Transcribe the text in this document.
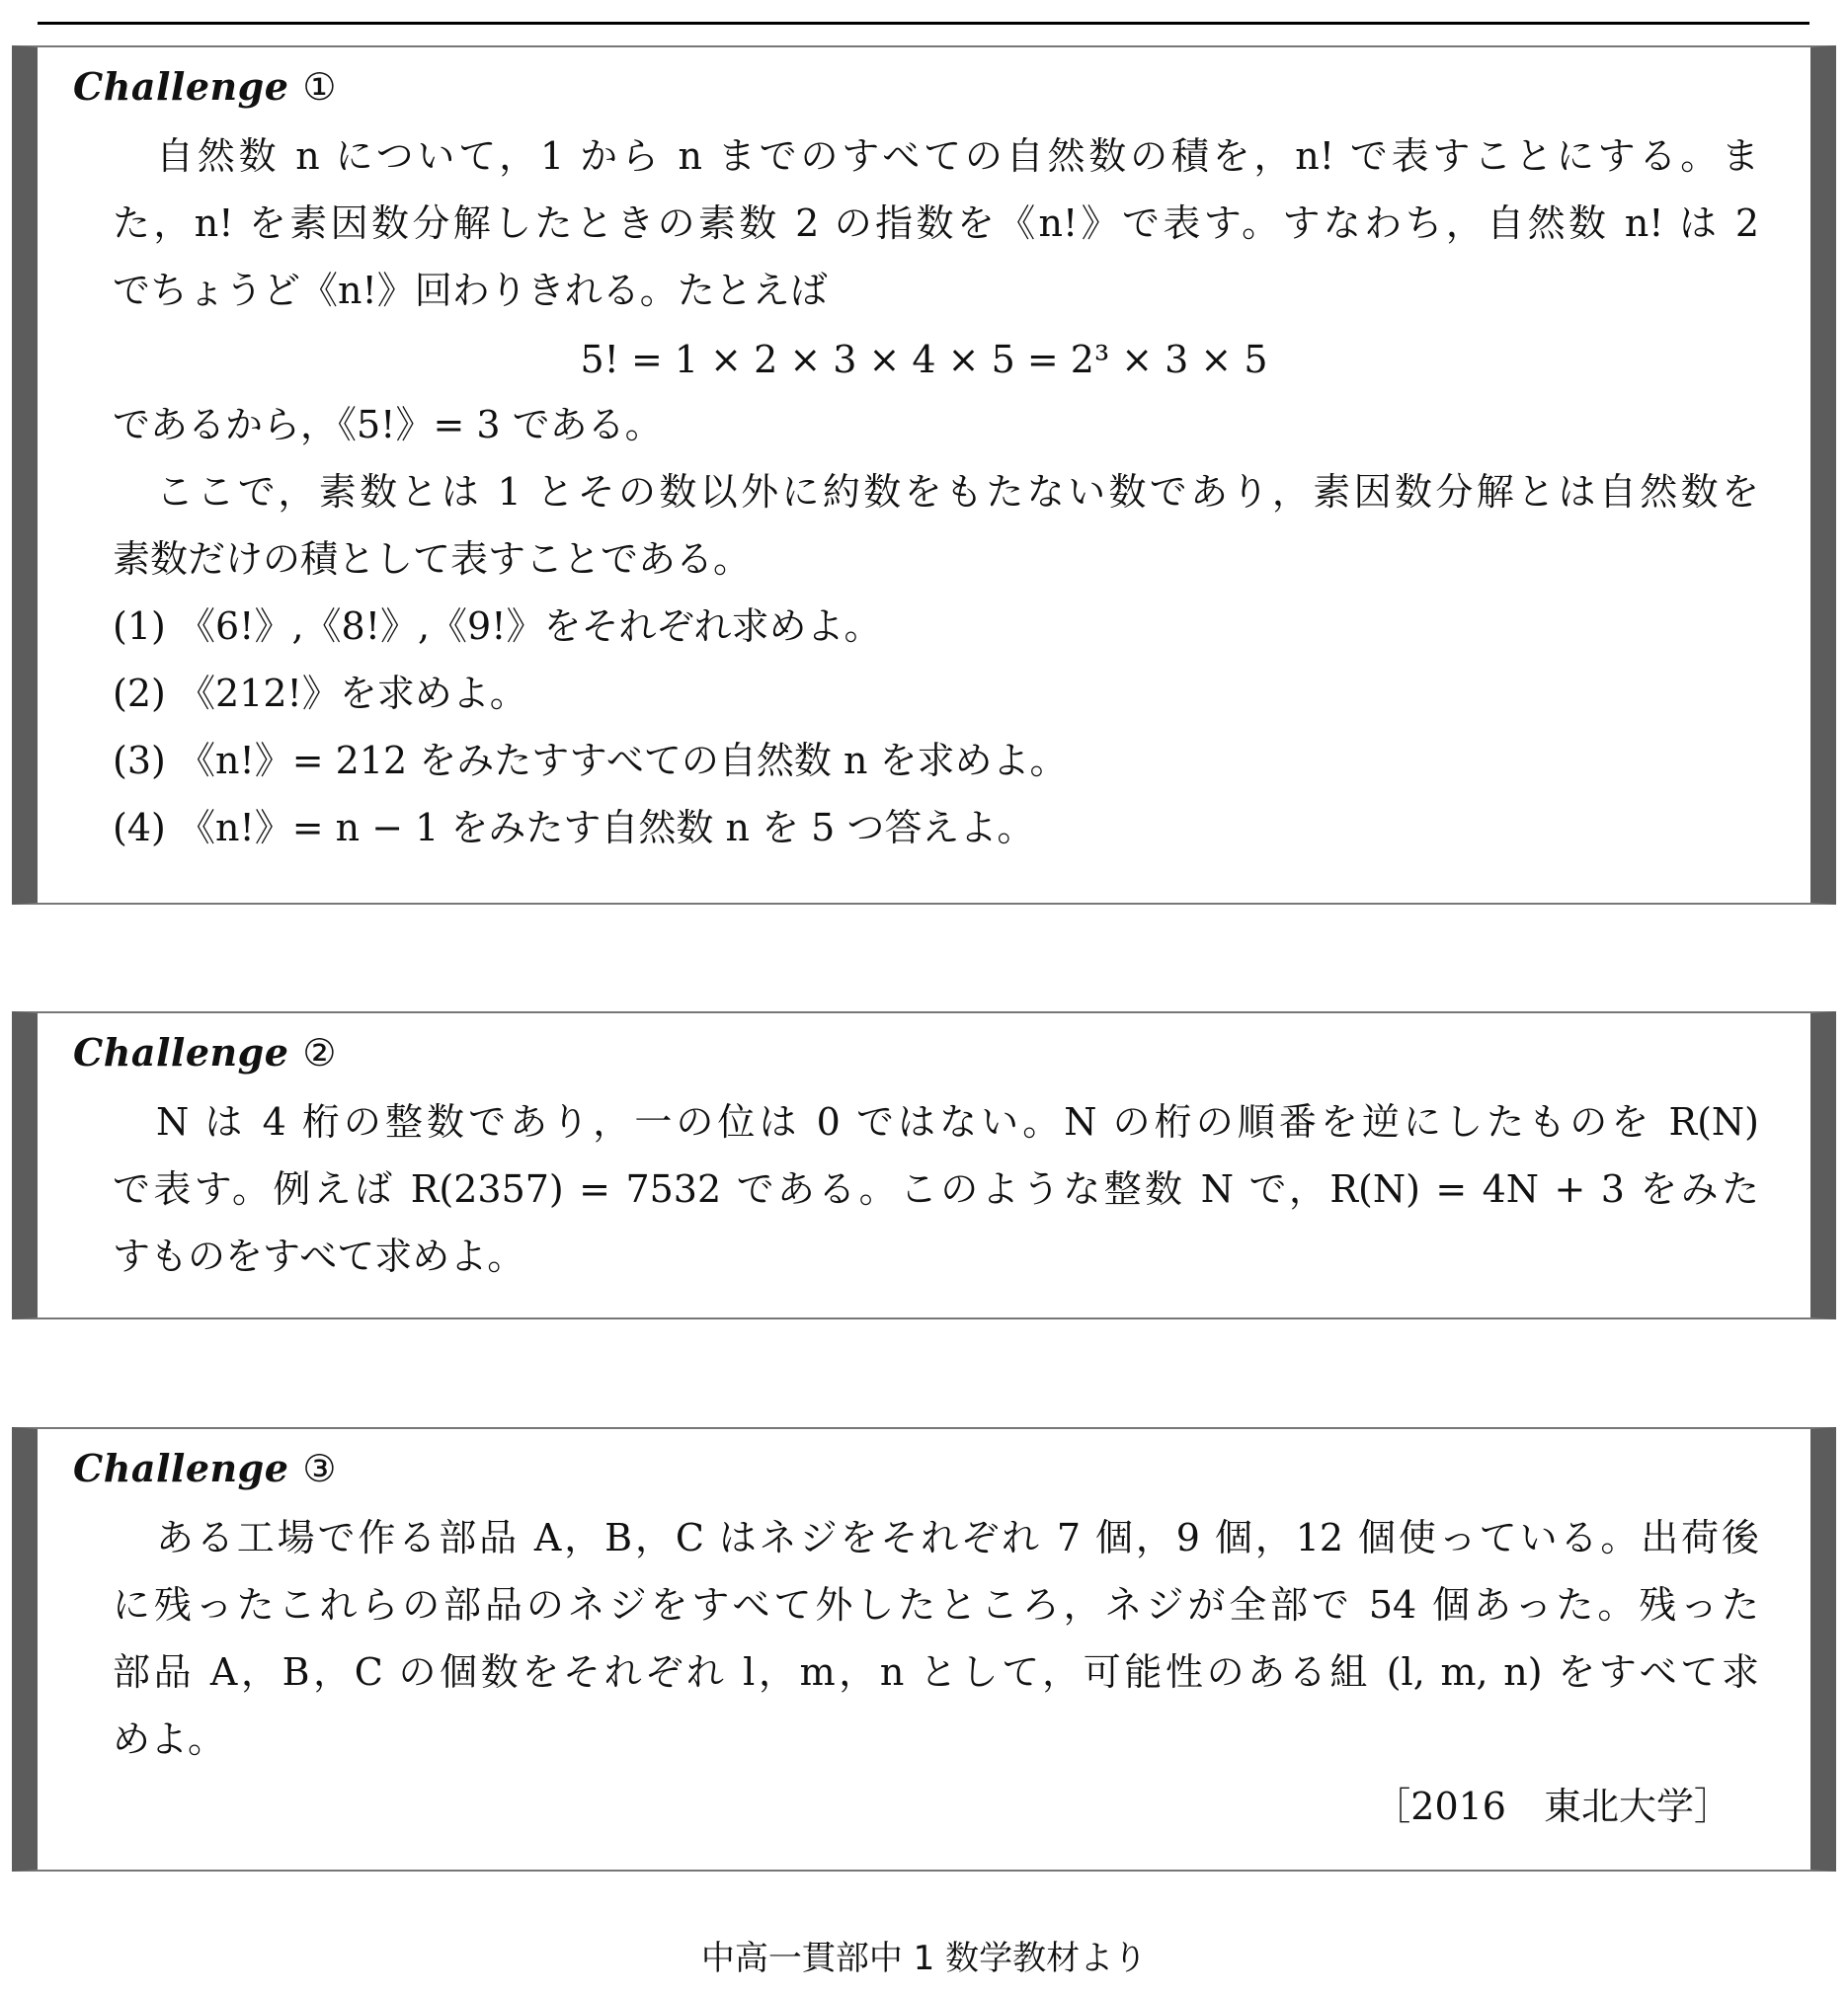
Challenge ①
自然数 n について，1 から n までのすべての自然数の積を，n! で表すことにする。ま
た，n! を素因数分解したときの素数 2 の指数を《n!》で表す。すなわち，自然数 n! は 2
でちょうど《n!》回わりきれる。たとえば
5! = 1 × 2 × 3 × 4 × 5 = 2³ × 3 × 5
であるから，《5!》= 3 である。
ここで，素数とは 1 とその数以外に約数をもたない数であり，素因数分解とは自然数を
素数だけの積として表すことである。
(1) 《6!》,《8!》,《9!》をそれぞれ求めよ。
(2) 《212!》を求めよ。
(3) 《n!》= 212 をみたすすべての自然数 n を求めよ。
(4) 《n!》= n − 1 をみたす自然数 n を 5 つ答えよ。
Challenge ②
N は 4 桁の整数であり，一の位は 0 ではない。N の桁の順番を逆にしたものを R(N)
で表す。例えば R(2357) = 7532 である。このような整数 N で，R(N) = 4N + 3 をみた
すものをすべて求めよ。
Challenge ③
ある工場で作る部品 A，B，C はネジをそれぞれ 7 個，9 個，12 個使っている。出荷後
に残ったこれらの部品のネジをすべて外したところ，ネジが全部で 54 個あった。残った
部品 A，B，C の個数をそれぞれ l，m，n として，可能性のある組 (l, m, n) をすべて求
めよ。
［2016　東北大学］
中高一貫部中 1 数学教材より
